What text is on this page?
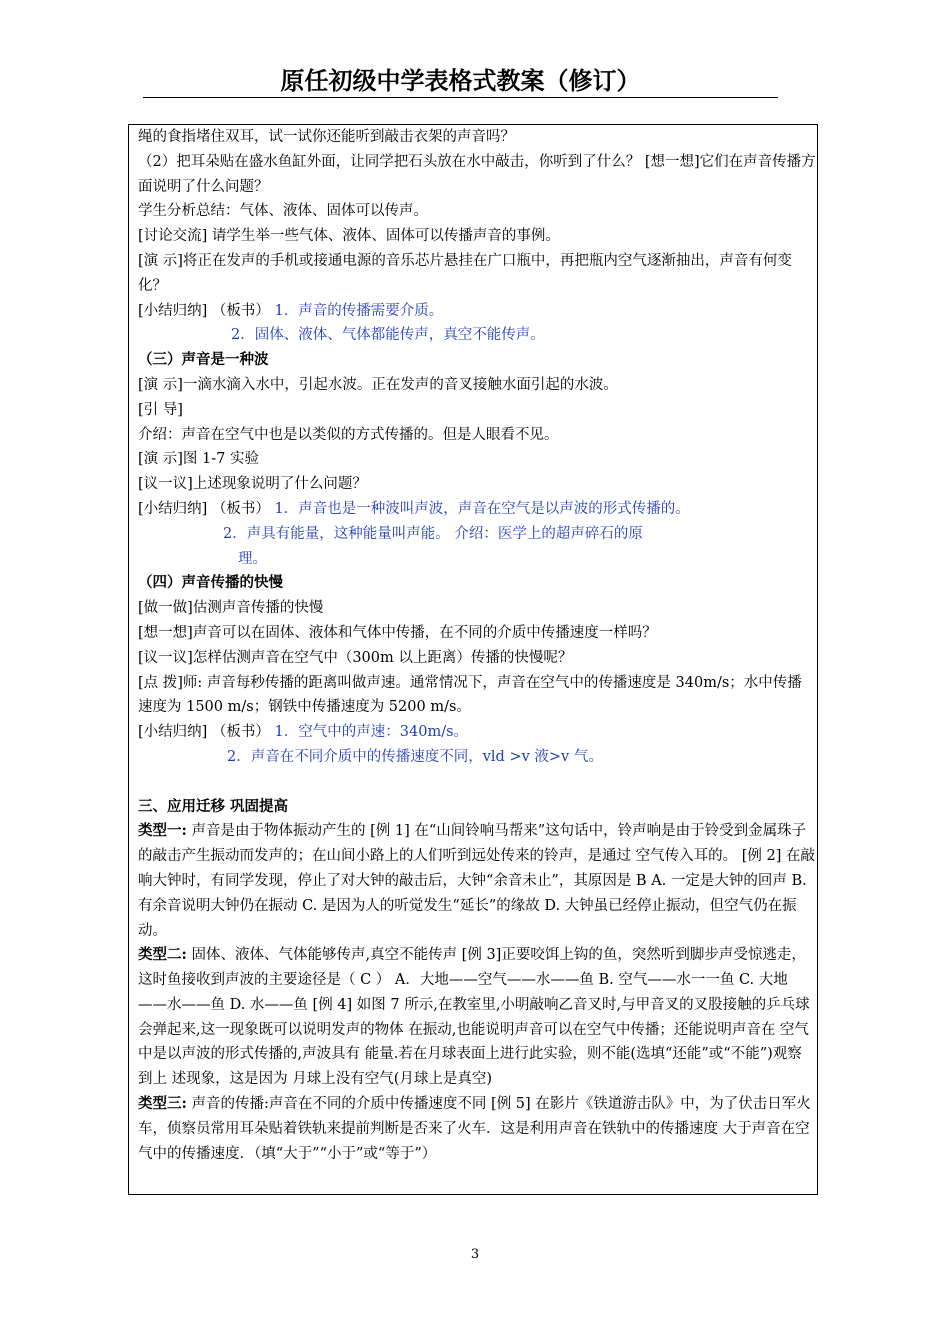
原任初级中学表格式教案（修订）

绳的食指堵住双耳，试一试你还能听到敲击衣架的声音吗？

（2）把耳朵贴在盛水鱼缸外面，让同学把石头放在水中敲击，你听到了什么？ [想一想]它们在声音传播方面说明了什么问题？

学生分析总结：气体、液体、固体可以传声。

[讨论交流] 请学生举一些气体、液体、固体可以传播声音的事例。

[演 示]将正在发声的手机或接通电源的音乐芯片悬挂在广口瓶中，再把瓶内空气逐渐抽出，声音有何变化？

[小结归纳] （板书） 1．声音的传播需要介质。

2．固体、液体、气体都能传声，真空不能传声。

（三）声音是一种波

[演 示]一滴水滴入水中，引起水波。正在发声的音叉接触水面引起的水波。

[引 导]

介绍：声音在空气中也是以类似的方式传播的。但是人眼看不见。

[演 示]图 1-7 实验

[议一议]上述现象说明了什么问题？

[小结归纳] （板书） 1．声音也是一种波叫声波，声音在空气是以声波的形式传播的。

2．声具有能量，这种能量叫声能。 介绍：医学上的超声碎石的原

理。

（四）声音传播的快慢

[做一做]估测声音传播的快慢

[想一想]声音可以在固体、液体和气体中传播，在不同的介质中传播速度一样吗？

[议一议]怎样估测声音在空气中（300m 以上距离）传播的快慢呢？

[点 拨]师: 声音每秒传播的距离叫做声速。通常情况下，声音在空气中的传播速度是 340m/s；水中传播速度为 1500 m/s；钢铁中传播速度为 5200 m/s。

[小结归纳] （板书） 1．空气中的声速：340m/s。

2．声音在不同介质中的传播速度不同，vld >v 液>v 气。

三、应用迁移 巩固提高

类型一: 声音是由于物体振动产生的 [例 1] 在“山间铃响马帮来”这句话中，铃声响是由于铃受到金属珠子的敲击产生振动而发声的；在山间小路上的人们听到远处传来的铃声，是通过 空气传入耳的。 [例 2] 在敲响大钟时，有同学发现，停止了对大钟的敲击后，大钟“余音未止”，其原因是 B A. 一定是大钟的回声 B. 有余音说明大钟仍在振动 C. 是因为人的听觉发生“延长”的缘故 D. 大钟虽已经停止振动，但空气仍在振动。

类型二: 固体、液体、气体能够传声,真空不能传声 [例 3]正要咬饵上钩的鱼，突然听到脚步声受惊逃走，这时鱼接收到声波的主要途径是（ C ） A．大地——空气——水——鱼 B. 空气——水一一鱼 C. 大地——水——鱼 D. 水——鱼 [例 4] 如图 7 所示,在教室里,小明敲响乙音叉时,与甲音叉的叉股接触的乒乓球会弹起来,这一现象既可以说明发声的物体 在振动,也能说明声音可以在空气中传播；还能说明声音在 空气中是以声波的形式传播的,声波具有 能量.若在月球表面上进行此实验，则不能(选填“还能”或“不能”)观察到上 述现象，这是因为 月球上没有空气(月球上是真空)

类型三: 声音的传播:声音在不同的介质中传播速度不同 [例 5] 在影片《铁道游击队》中，为了伏击日军火车，侦察员常用耳朵贴着铁轨来提前判断是否来了火车．这是利用声音在铁轨中的传播速度 大于声音在空气中的传播速度．（填“大于”“小于”或“等于”）

3
